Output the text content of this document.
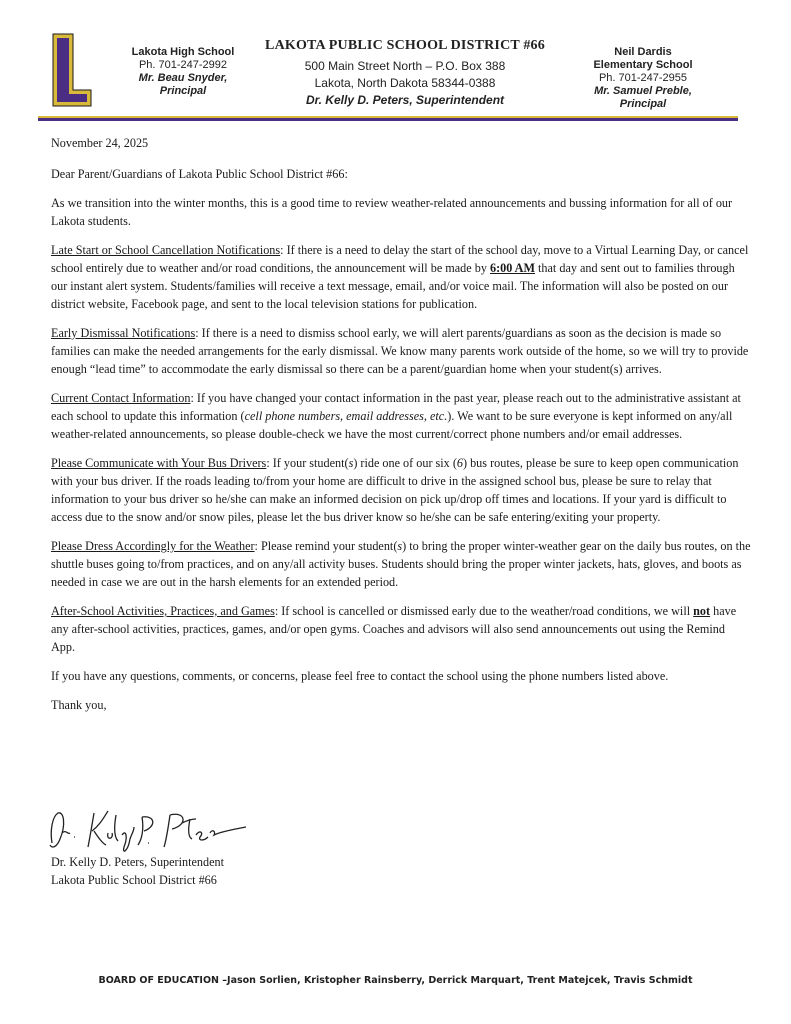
Lakota High School
Ph. 701-247-2992
Mr. Beau Snyder,
Principal
LAKOTA PUBLIC SCHOOL DISTRICT #66
500 Main Street North – P.O. Box 388
Lakota, North Dakota 58344-0388
Dr. Kelly D. Peters, Superintendent
Neil Dardis
Elementary School
Ph. 701-247-2955
Mr. Samuel Preble,
Principal

November 24, 2025

Dear Parent/Guardians of Lakota Public School District #66:

As we transition into the winter months, this is a good time to review weather-related announcements and bussing information for all of our Lakota students.

Late Start or School Cancellation Notifications: If there is a need to delay the start of the school day, move to a Virtual Learning Day, or cancel school entirely due to weather and/or road conditions, the announcement will be made by 6:00 AM that day and sent out to families through our instant alert system. Students/families will receive a text message, email, and/or voice mail. The information will also be posted on our district website, Facebook page, and sent to the local television stations for publication.

Early Dismissal Notifications: If there is a need to dismiss school early, we will alert parents/guardians as soon as the decision is made so families can make the needed arrangements for the early dismissal. We know many parents work outside of the home, so we will try to provide enough “lead time” to accommodate the early dismissal so there can be a parent/guardian home when your student(s) arrives.

Current Contact Information: If you have changed your contact information in the past year, please reach out to the administrative assistant at each school to update this information (cell phone numbers, email addresses, etc.). We want to be sure everyone is kept informed on any/all weather-related announcements, so please double-check we have the most current/correct phone numbers and/or email addresses.

Please Communicate with Your Bus Drivers: If your student(s) ride one of our six (6) bus routes, please be sure to keep open communication with your bus driver. If the roads leading to/from your home are difficult to drive in the assigned school bus, please be sure to relay that information to your bus driver so he/she can make an informed decision on pick up/drop off times and locations. If your yard is difficult to access due to the snow and/or snow piles, please let the bus driver know so he/she can be safe entering/exiting your property.

Please Dress Accordingly for the Weather: Please remind your student(s) to bring the proper winter-weather gear on the daily bus routes, on the shuttle buses going to/from practices, and on any/all activity buses. Students should bring the proper winter jackets, hats, gloves, and boots as needed in case we are out in the harsh elements for an extended period.

After-School Activities, Practices, and Games: If school is cancelled or dismissed early due to the weather/road conditions, we will not have any after-school activities, practices, games, and/or open gyms. Coaches and advisors will also send announcements out using the Remind App.

If you have any questions, comments, or concerns, please feel free to contact the school using the phone numbers listed above.

Thank you,

Dr. Kelly D. Peters
Dr. Kelly D. Peters, Superintendent
Lakota Public School District #66
BOARD OF EDUCATION –Jason Sorlien, Kristopher Rainsberry, Derrick Marquart, Trent Matejcek, Travis Schmidt
